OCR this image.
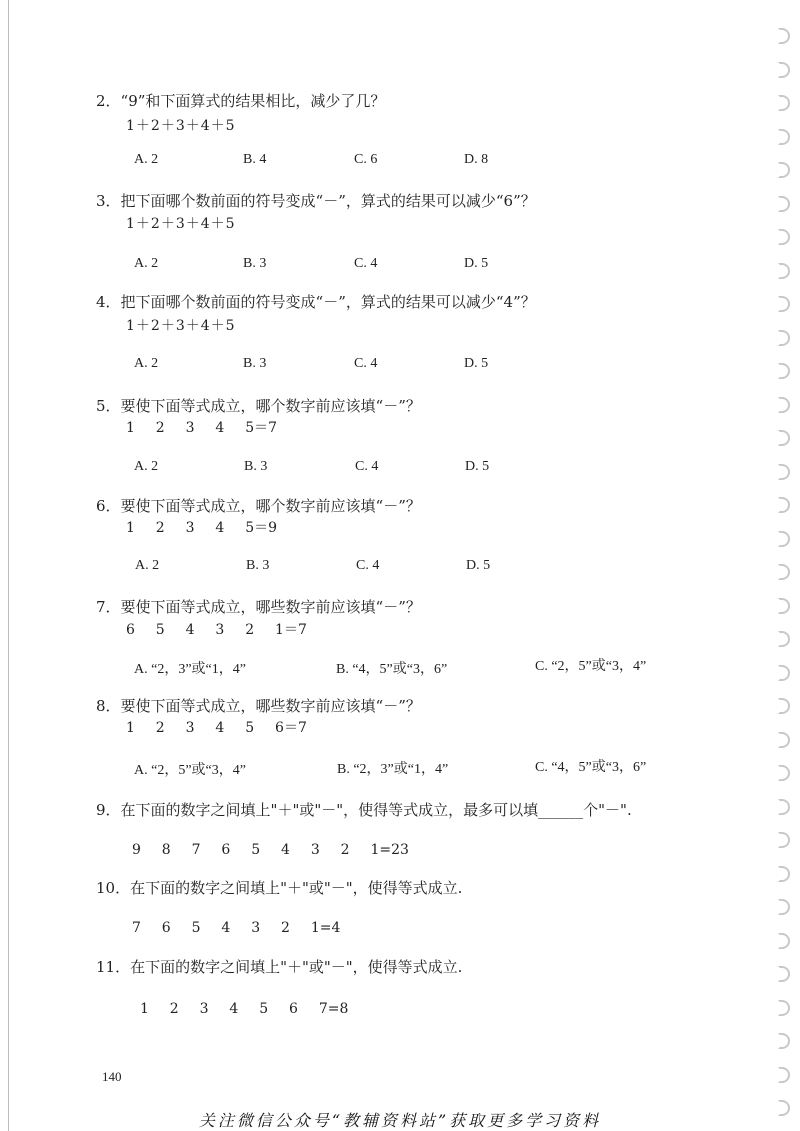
2．“9”和下面算式的结果相比，减少了几？
1＋2＋3＋4＋5
A. 2	B. 4	C. 6	D. 8
3．把下面哪个数前面的符号变成“－”，算式的结果可以减少“6”？
1＋2＋3＋4＋5
A. 2	B. 3	C. 4	D. 5
4．把下面哪个数前面的符号变成“－”，算式的结果可以减少“4”？
1＋2＋3＋4＋5
A. 2	B. 3	C. 4	D. 5
5．要使下面等式成立，哪个数字前应该填“－”？
1  2  3  4  5＝7
A. 2	B. 3	C. 4	D. 5
6．要使下面等式成立，哪个数字前应该填“－”？
1  2  3  4  5＝9
A. 2	B. 3	C. 4	D. 5
7．要使下面等式成立，哪些数字前应该填“－”？
6  5  4  3  2  1＝7
A. “2，3”或“1，4”	B. “4，5”或“3，6”	C. “2，5”或“3，4”
8．要使下面等式成立，哪些数字前应该填“－”？
1  2  3  4  5  6＝7
A. “2，5”或“3，4”	B. “2，3”或“1，4”	C. “4，5”或“3，6”
9．在下面的数字之间填上"＋"或"－"，使得等式成立，最多可以填______个"－".
9  8  7  6  5  4  3  2  1=23
10．在下面的数字之间填上"＋"或"－"，使得等式成立.
7  6  5  4  3  2  1=4
11．在下面的数字之间填上"＋"或"－"，使得等式成立.
1  2  3  4  5  6  7=8
140
关注微信公众号“教辅资料站”获取更多学习资料
